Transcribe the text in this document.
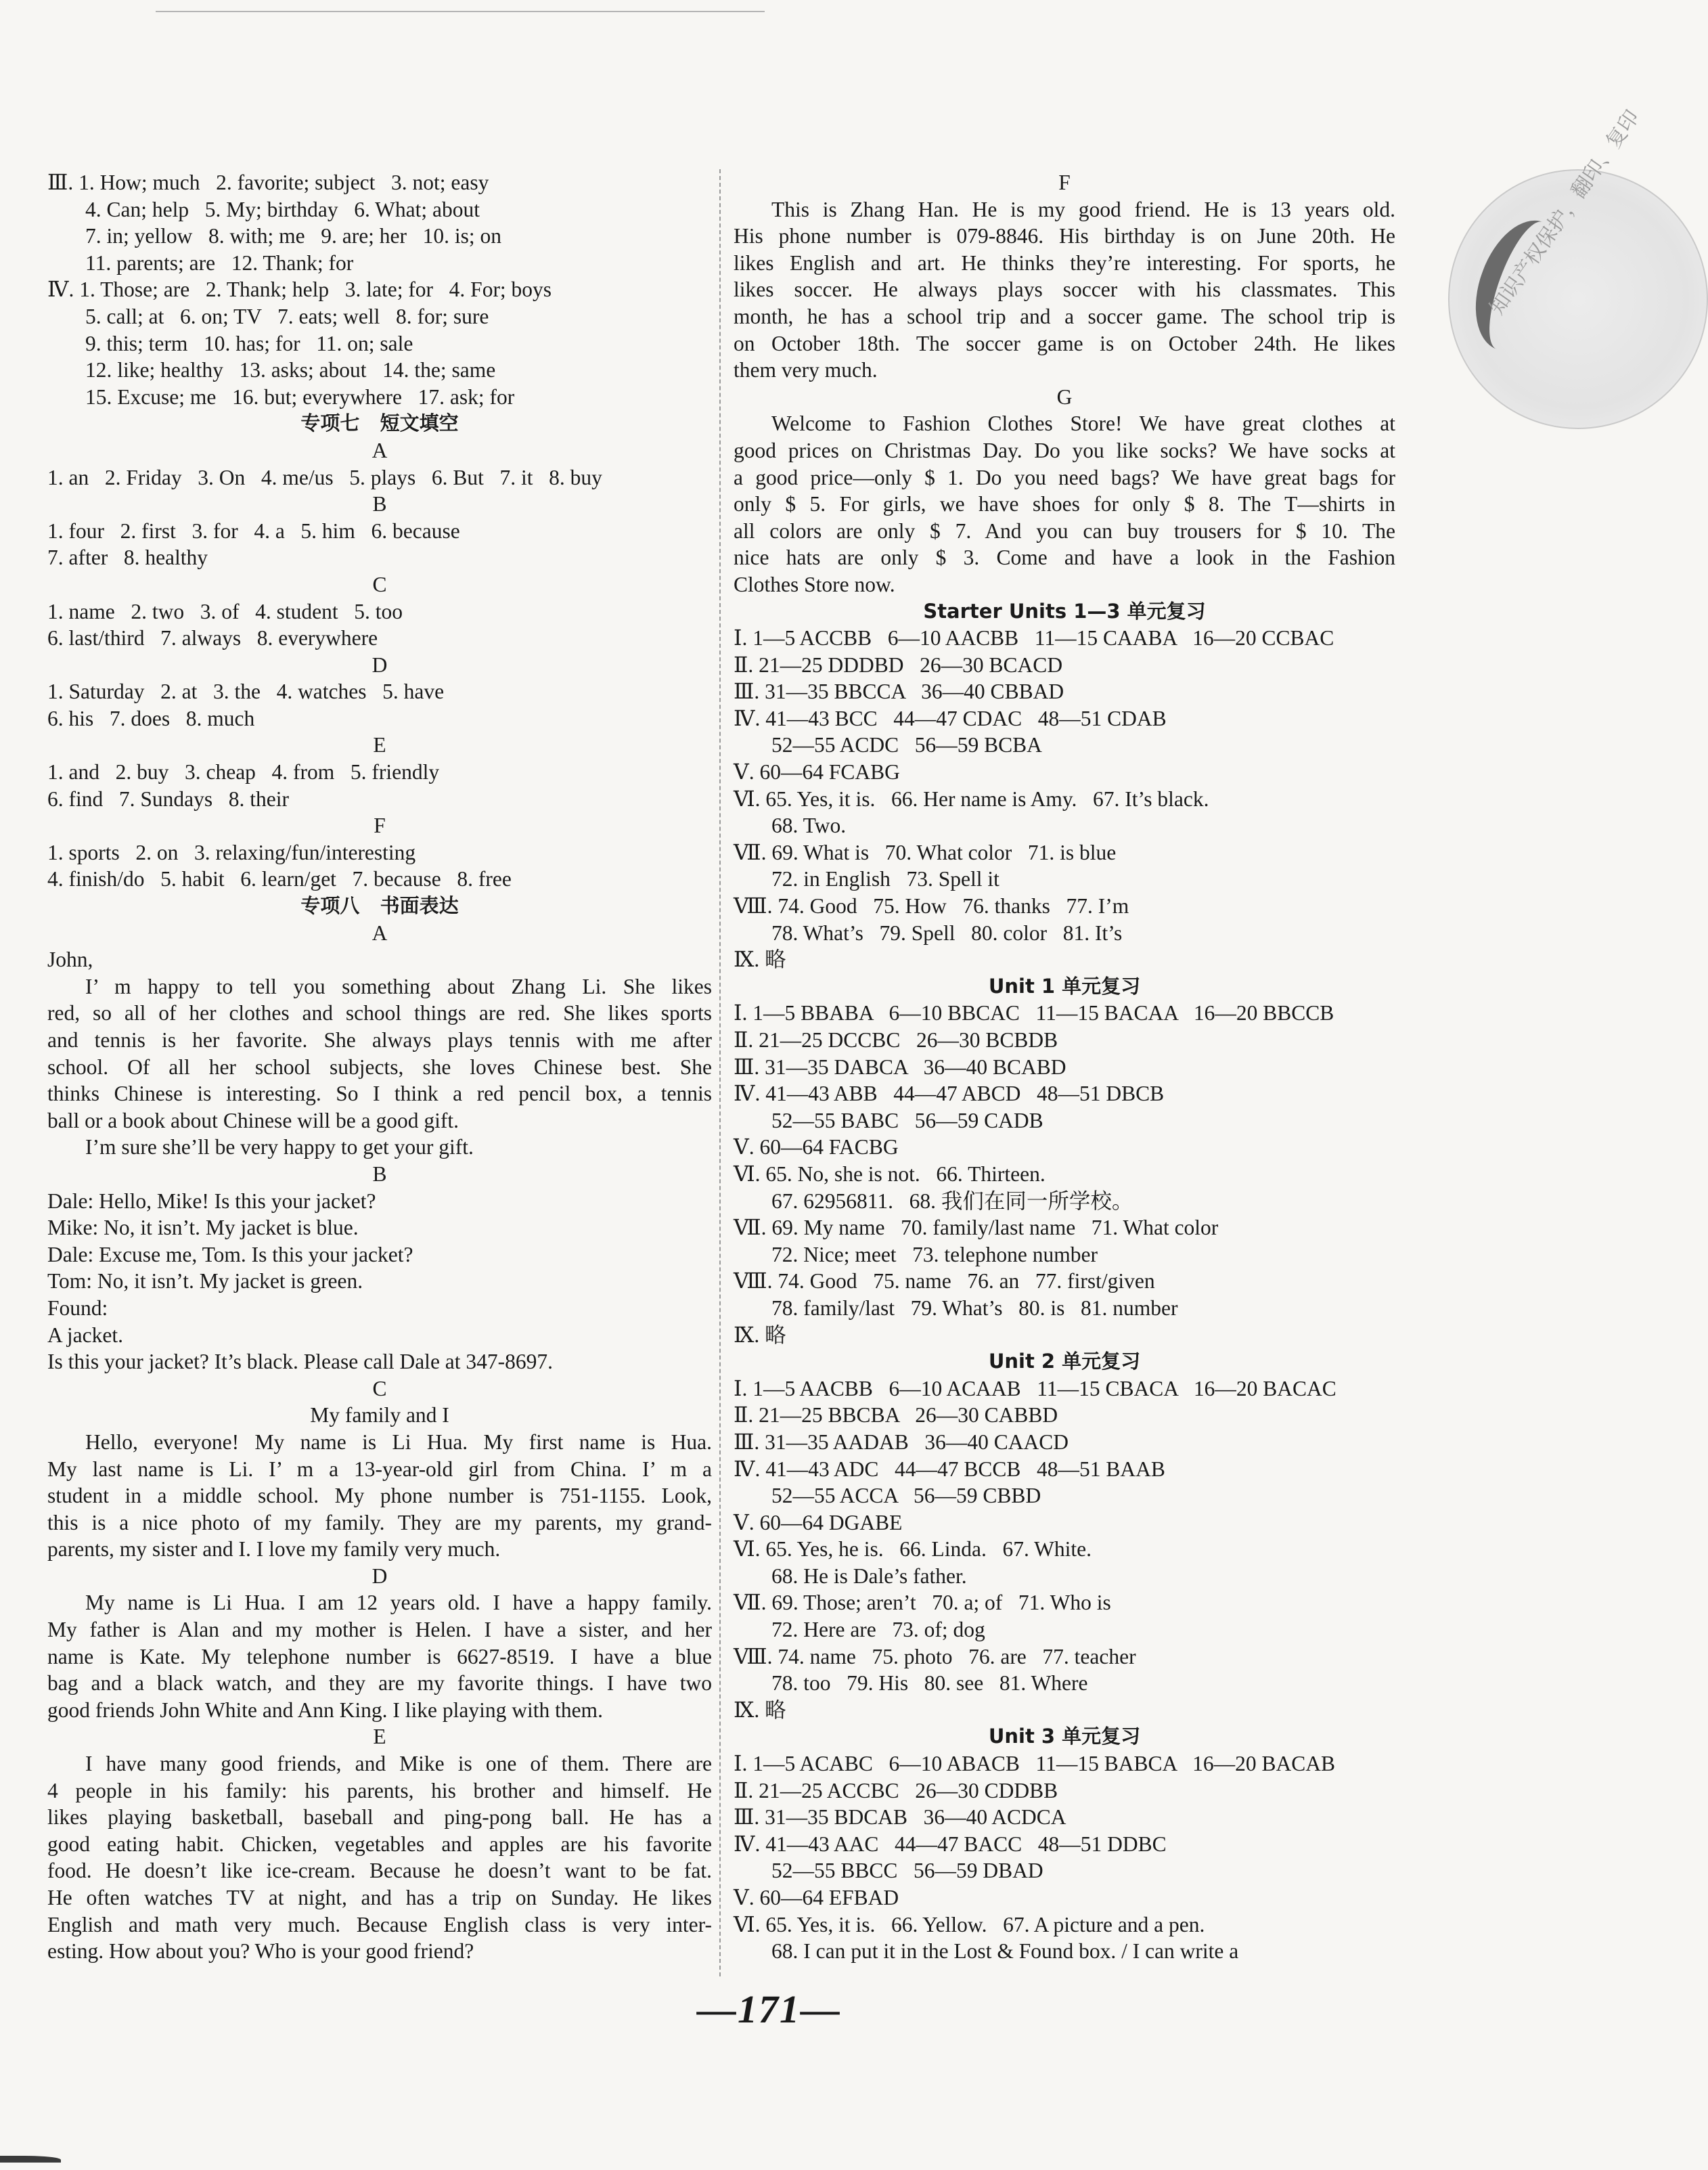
Ⅲ. 1. How; much   2. favorite; subject   3. not; easy
4. Can; help   5. My; birthday   6. What; about
7. in; yellow   8. with; me   9. are; her   10. is; on
11. parents; are   12. Thank; for
Ⅳ. 1. Those; are   2. Thank; help   3. late; for   4. For; boys
5. call; at   6. on; TV   7. eats; well   8. for; sure
9. this; term   10. has; for   11. on; sale
12. like; healthy   13. asks; about   14. the; same
15. Excuse; me   16. but; everywhere   17. ask; for
专项七   短文填空
A
1. an   2. Friday   3. On   4. me/us   5. plays   6. But   7. it   8. buy
B
1. four   2. first   3. for   4. a   5. him   6. because
7. after   8. healthy
C
1. name   2. two   3. of   4. student   5. too
6. last/third   7. always   8. everywhere
D
1. Saturday   2. at   3. the   4. watches   5. have
6. his   7. does   8. much
E
1. and   2. buy   3. cheap   4. from   5. friendly
6. find   7. Sundays   8. their
F
1. sports   2. on   3. relaxing/fun/interesting
4. finish/do   5. habit   6. learn/get   7. because   8. free
专项八   书面表达
A
John,
I’ m happy to tell you something about Zhang Li. She likes
red, so all of her clothes and school things are red. She likes sports
and tennis is her favorite. She always plays tennis with me after
school. Of all her school subjects, she loves Chinese best. She
thinks Chinese is interesting. So I think a red pencil box, a tennis
ball or a book about Chinese will be a good gift.
I’m sure she’ll be very happy to get your gift.
B
Dale: Hello, Mike! Is this your jacket?
Mike: No, it isn’t. My jacket is blue.
Dale: Excuse me, Tom. Is this your jacket?
Tom: No, it isn’t. My jacket is green.
Found:
A jacket.
Is this your jacket? It’s black. Please call Dale at 347-8697.
C
My family and I
Hello, everyone! My name is Li Hua. My first name is Hua.
My last name is Li. I’ m a 13-year-old girl from China. I’ m a
student in a middle school. My phone number is 751-1155. Look,
this is a nice photo of my family. They are my parents, my grand-
parents, my sister and I. I love my family very much.
D
My name is Li Hua. I am 12 years old. I have a happy family.
My father is Alan and my mother is Helen. I have a sister, and her
name is Kate. My telephone number is 6627-8519. I have a blue
bag and a black watch, and they are my favorite things. I have two
good friends John White and Ann King. I like playing with them.
E
I have many good friends, and Mike is one of them. There are
4 people in his family: his parents, his brother and himself. He
likes playing basketball, baseball and ping-pong ball. He has a
good eating habit. Chicken, vegetables and apples are his favorite
food. He doesn’t like ice-cream. Because he doesn’t want to be fat.
He often watches TV at night, and has a trip on Sunday. He likes
English and math very much. Because English class is very inter-
esting. How about you? Who is your good friend?
F
This is Zhang Han. He is my good friend. He is 13 years old.
His phone number is 079-8846. His birthday is on June 20th. He
likes English and art. He thinks they’re interesting. For sports, he
likes soccer. He always plays soccer with his classmates. This
month, he has a school trip and a soccer game. The school trip is
on October 18th. The soccer game is on October 24th. He likes
them very much.
G
Welcome to Fashion Clothes Store! We have great clothes at
good prices on Christmas Day. Do you like socks? We have socks at
a good price—only $ 1. Do you need bags? We have great bags for
only $ 5. For girls, we have shoes for only $ 8. The T—shirts in
all colors are only $ 7. And you can buy trousers for $ 10. The
nice hats are only $ 3. Come and have a look in the Fashion
Clothes Store now.
Starter Units 1—3 单元复习
Ⅰ. 1—5 ACCBB   6—10 AACBB   11—15 CAABA   16—20 CCBAC
Ⅱ. 21—25 DDDBD   26—30 BCACD
Ⅲ. 31—35 BBCCA   36—40 CBBAD
Ⅳ. 41—43 BCC   44—47 CDAC   48—51 CDAB
52—55 ACDC   56—59 BCBA
Ⅴ. 60—64 FCABG
Ⅵ. 65. Yes, it is.   66. Her name is Amy.   67. It’s black.
68. Two.
Ⅶ. 69. What is   70. What color   71. is blue
72. in English   73. Spell it
Ⅷ. 74. Good   75. How   76. thanks   77. I’m
78. What’s   79. Spell   80. color   81. It’s
Ⅸ. 略
Unit 1 单元复习
Ⅰ. 1—5 BBABA   6—10 BBCAC   11—15 BACAA   16—20 BBCCB
Ⅱ. 21—25 DCCBC   26—30 BCBDB
Ⅲ. 31—35 DABCA   36—40 BCABD
Ⅳ. 41—43 ABB   44—47 ABCD   48—51 DBCB
52—55 BABC   56—59 CADB
Ⅴ. 60—64 FACBG
Ⅵ. 65. No, she is not.   66. Thirteen.
67. 62956811.   68. 我们在同一所学校。
Ⅶ. 69. My name   70. family/last name   71. What color
72. Nice; meet   73. telephone number
Ⅷ. 74. Good   75. name   76. an   77. first/given
78. family/last   79. What’s   80. is   81. number
Ⅸ. 略
Unit 2 单元复习
Ⅰ. 1—5 AACBB   6—10 ACAAB   11—15 CBACA   16—20 BACAC
Ⅱ. 21—25 BBCBA   26—30 CABBD
Ⅲ. 31—35 AADAB   36—40 CAACD
Ⅳ. 41—43 ADC   44—47 BCCB   48—51 BAAB
52—55 ACCA   56—59 CBBD
Ⅴ. 60—64 DGABE
Ⅵ. 65. Yes, he is.   66. Linda.   67. White.
68. He is Dale’s father.
Ⅶ. 69. Those; aren’t   70. a; of   71. Who is
72. Here are   73. of; dog
Ⅷ. 74. name   75. photo   76. are   77. teacher
78. too   79. His   80. see   81. Where
Ⅸ. 略
Unit 3 单元复习
Ⅰ. 1—5 ACABC   6—10 ABACB   11—15 BABCA   16—20 BACAB
Ⅱ. 21—25 ACCBC   26—30 CDDBB
Ⅲ. 31—35 BDCAB   36—40 ACDCA
Ⅳ. 41—43 AAC   44—47 BACC   48—51 DDBC
52—55 BBCC   56—59 DBAD
Ⅴ. 60—64 EFBAD
Ⅵ. 65. Yes, it is.   66. Yellow.   67. A picture and a pen.
68. I can put it in the Lost & Found box. / I can write a
知识产权保护，翻印、复印
—171—
